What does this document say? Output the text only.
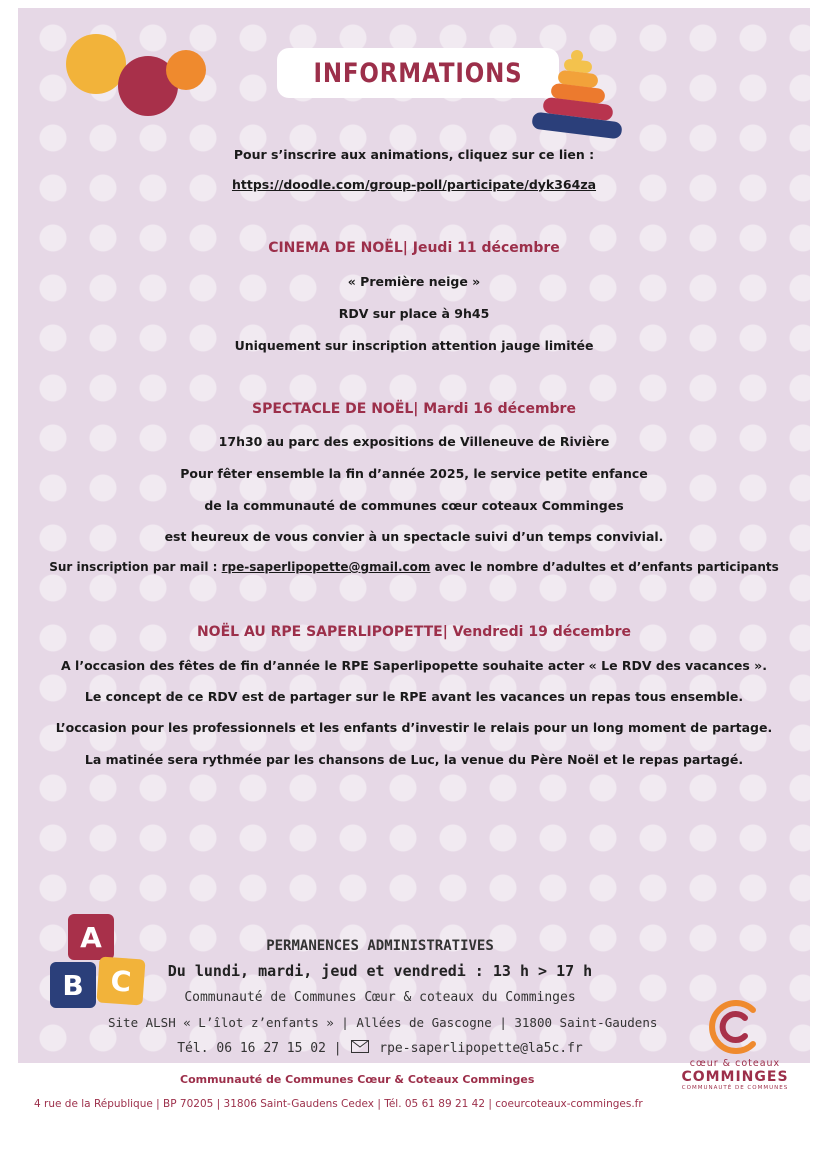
INFORMATIONS
Pour s’inscrire aux animations, cliquez sur ce lien :
https://doodle.com/group-poll/participate/dyk364za
CINEMA DE NOËL| Jeudi 11 décembre
« Première neige »
RDV sur place à 9h45
Uniquement sur inscription attention jauge limitée
SPECTACLE DE NOËL| Mardi 16 décembre
17h30 au parc des expositions de Villeneuve de Rivière
Pour fêter ensemble la fin d’année 2025, le service petite enfance
de la communauté de communes cœur coteaux Comminges
est heureux de vous convier à un spectacle suivi d’un temps convivial.
Sur inscription par mail : rpe-saperlipopette@gmail.com avec le nombre d’adultes et d’enfants participants
NOËL AU RPE SAPERLIPOPETTE| Vendredi 19 décembre
A l’occasion des fêtes de fin d’année le RPE Saperlipopette souhaite acter « Le RDV des vacances ».
Le concept de ce RDV est de partager sur le RPE avant les vacances un repas tous ensemble.
L’occasion pour les professionnels et les enfants d’investir le relais pour un long moment de partage.
La matinée sera rythmée par les chansons de Luc, la venue du Père Noël et le repas partagé.
A
B C
PERMANENCES ADMINISTRATIVES
Du lundi, mardi, jeud et vendredi : 13 h > 17 h
Communauté de Communes Cœur & coteaux du Comminges
Site ALSH « L’îlot z’enfants » | Allées de Gascogne | 31800 Saint-Gaudens
Tél. 06 16 27 15 02 |	rpe-saperlipopette@la5c.fr
Communauté de Communes Cœur & Coteaux Comminges
4 rue de la République | BP 70205 | 31806 Saint-Gaudens Cedex | Tél. 05 61 89 21 42 | coeurcoteaux-comminges.fr
cœur & coteaux
COMMINGES
COMMUNAUTÉ DE COMMUNES
